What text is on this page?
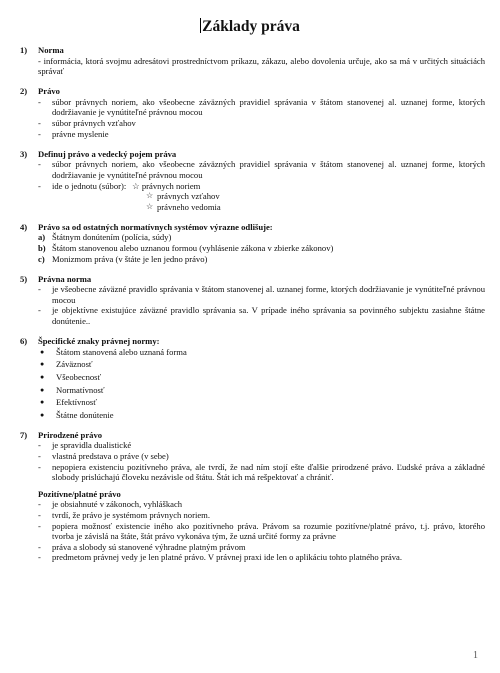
Základy práva
1)	Norma
- informácia, ktorá svojmu adresátovi prostredníctvom príkazu, zákazu, alebo dovolenia určuje, ako sa má v určitých situáciách správať
2)	Právo
-	súbor právnych noriem, ako všeobecne záväzných pravidiel správania v štátom stanovenej al. uznanej forme, ktorých dodržiavanie je vynútiteľné právnou mocou
-	súbor právnych vzťahov
-	právne myslenie
3)	Definuj právo a vedecký pojem práva
-	súbor právnych noriem, ako všeobecne záväzných pravidiel správania v štátom stanovenej al. uznanej forme, ktorých dodržiavanie je vynútiteľné právnou mocou
-	ide o jednotu (súbor): ☆ právnych noriem
☆ právnych vzťahov
☆ právneho vedomia
4)	Právo sa od ostatných normatívnych systémov výrazne odlišuje:
a) Štátnym donútením (polícia, súdy)
b) Štátom stanovenou alebo uznanou formou (vyhlásenie zákona v zbierke zákonov)
c) Monizmom práva (v štáte je len jedno právo)
5)	Právna norma
-	je všeobecne záväzné pravidlo správania v štátom stanovenej al. uznanej forme, ktorých dodržiavanie je vynútiteľné právnou mocou
-	je objektívne existujúce záväzné pravidlo správania sa. V prípade iného správania sa povinného subjektu zasiahne štátne donútenie..
6)	Špecifické znaky právnej normy:
●	Štátom stanovená alebo uznaná forma
●	Záväznosť
●	Všeobecnosť
●	Normatívnosť
●	Efektívnosť
●	Štátne donútenie
7)	Prirodzené právo
-	je spravidla dualistické
-	vlastná predstava o práve (v sebe)
-	nepopiera existenciu pozitívneho práva, ale tvrdí, že nad ním stojí ešte ďalšie prirodzené právo. Ľudské práva a základné slobody prislúchajú človeku nezávisle od štátu. Štát ich má rešpektovať a chrániť.
Pozitívne/platné právo
-	je obsiahnuté v zákonoch, vyhláškach
-	tvrdí, že právo je systémom právnych noriem.
-	popiera možnosť existencie iného ako pozitívneho práva. Právom sa rozumie pozitívne/platné právo, t.j. právo, ktorého tvorba je závislá na štáte, štát právo vykonáva tým, že uzná určité formy za právne
-	práva a slobody sú stanovené výhradne platným právom
-	predmetom právnej vedy je len platné právo. V právnej praxi ide len o aplikáciu tohto platného práva.
1
